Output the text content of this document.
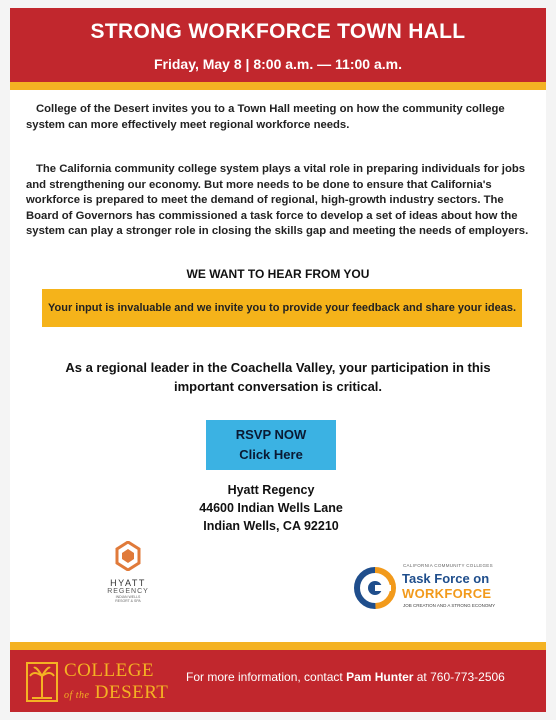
STRONG WORKFORCE TOWN HALL
Friday, May 8 | 8:00 a.m. — 11:00 a.m.
College of the Desert invites you to a Town Hall meeting on how the community college system can more effectively meet regional workforce needs.
The California community college system plays a vital role in preparing individuals for jobs and strengthening our economy. But more needs to be done to ensure that California's workforce is prepared to meet the demand of regional, high-growth industry sectors. The Board of Governors has commissioned a task force to develop a set of ideas about how the system can play a stronger role in closing the skills gap and meeting the needs of employers.
WE WANT TO HEAR FROM YOU
Your input is invaluable and we invite you to provide your feedback and share your ideas.
As a regional leader in the Coachella Valley, your participation in this important conversation is critical.
RSVP NOW
Click Here
Hyatt Regency
44600 Indian Wells Lane
Indian Wells, CA 92210
HYATT
REGENCY
INDIAN WELLS
RESORT & SPA
CALIFORNIA COMMUNITY COLLEGES
Task Force on
WORKFORCE
JOB CREATION AND A STRONG ECONOMY
COLLEGE
of the DESERT
For more information, contact Pam Hunter at 760-773-2506
